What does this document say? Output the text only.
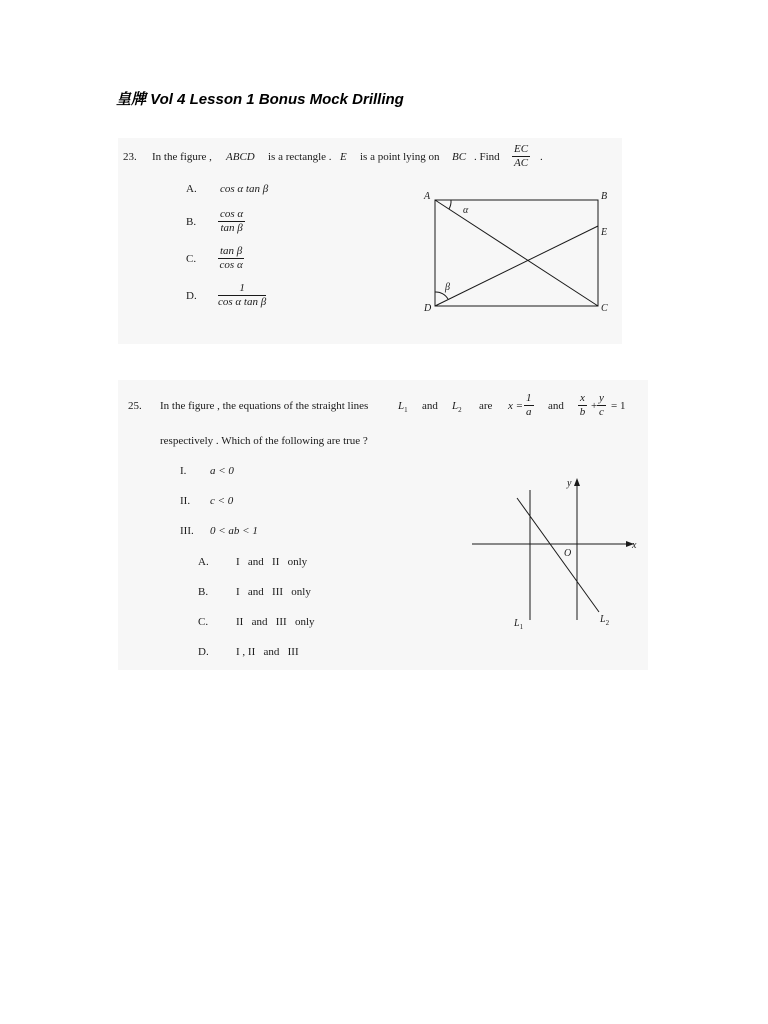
皇牌 Vol 4 Lesson 1 Bonus Mock Drilling
23. In the figure , ABCD is a rectangle . E is a point lying on BC . Find $\frac{EC}{AC}$ .
A. cos α tan β
B. $\frac{\text{cos α}}{\text{tan β}}$
C. $\frac{\text{tan β}}{\text{cos α}}$
D. $\frac{1}{\text{cos α tan β}}$
A	B
C
D
E
α
β
25. In the figure , the equations of the straight lines	$L_1$ and $L_2$ are $x = \frac{1}{a}$ and $\frac{x}{b} + \frac{y}{c} = 1$
respectively . Which of the following are true ?
I. a < 0
II. c < 0
III. 0 < ab < 1
A. I   and   II   only
B.	I   and   III   only
C.	II   and   III   only
D. I , II   and   III
x
y
O
$L_1$
$L_2$
